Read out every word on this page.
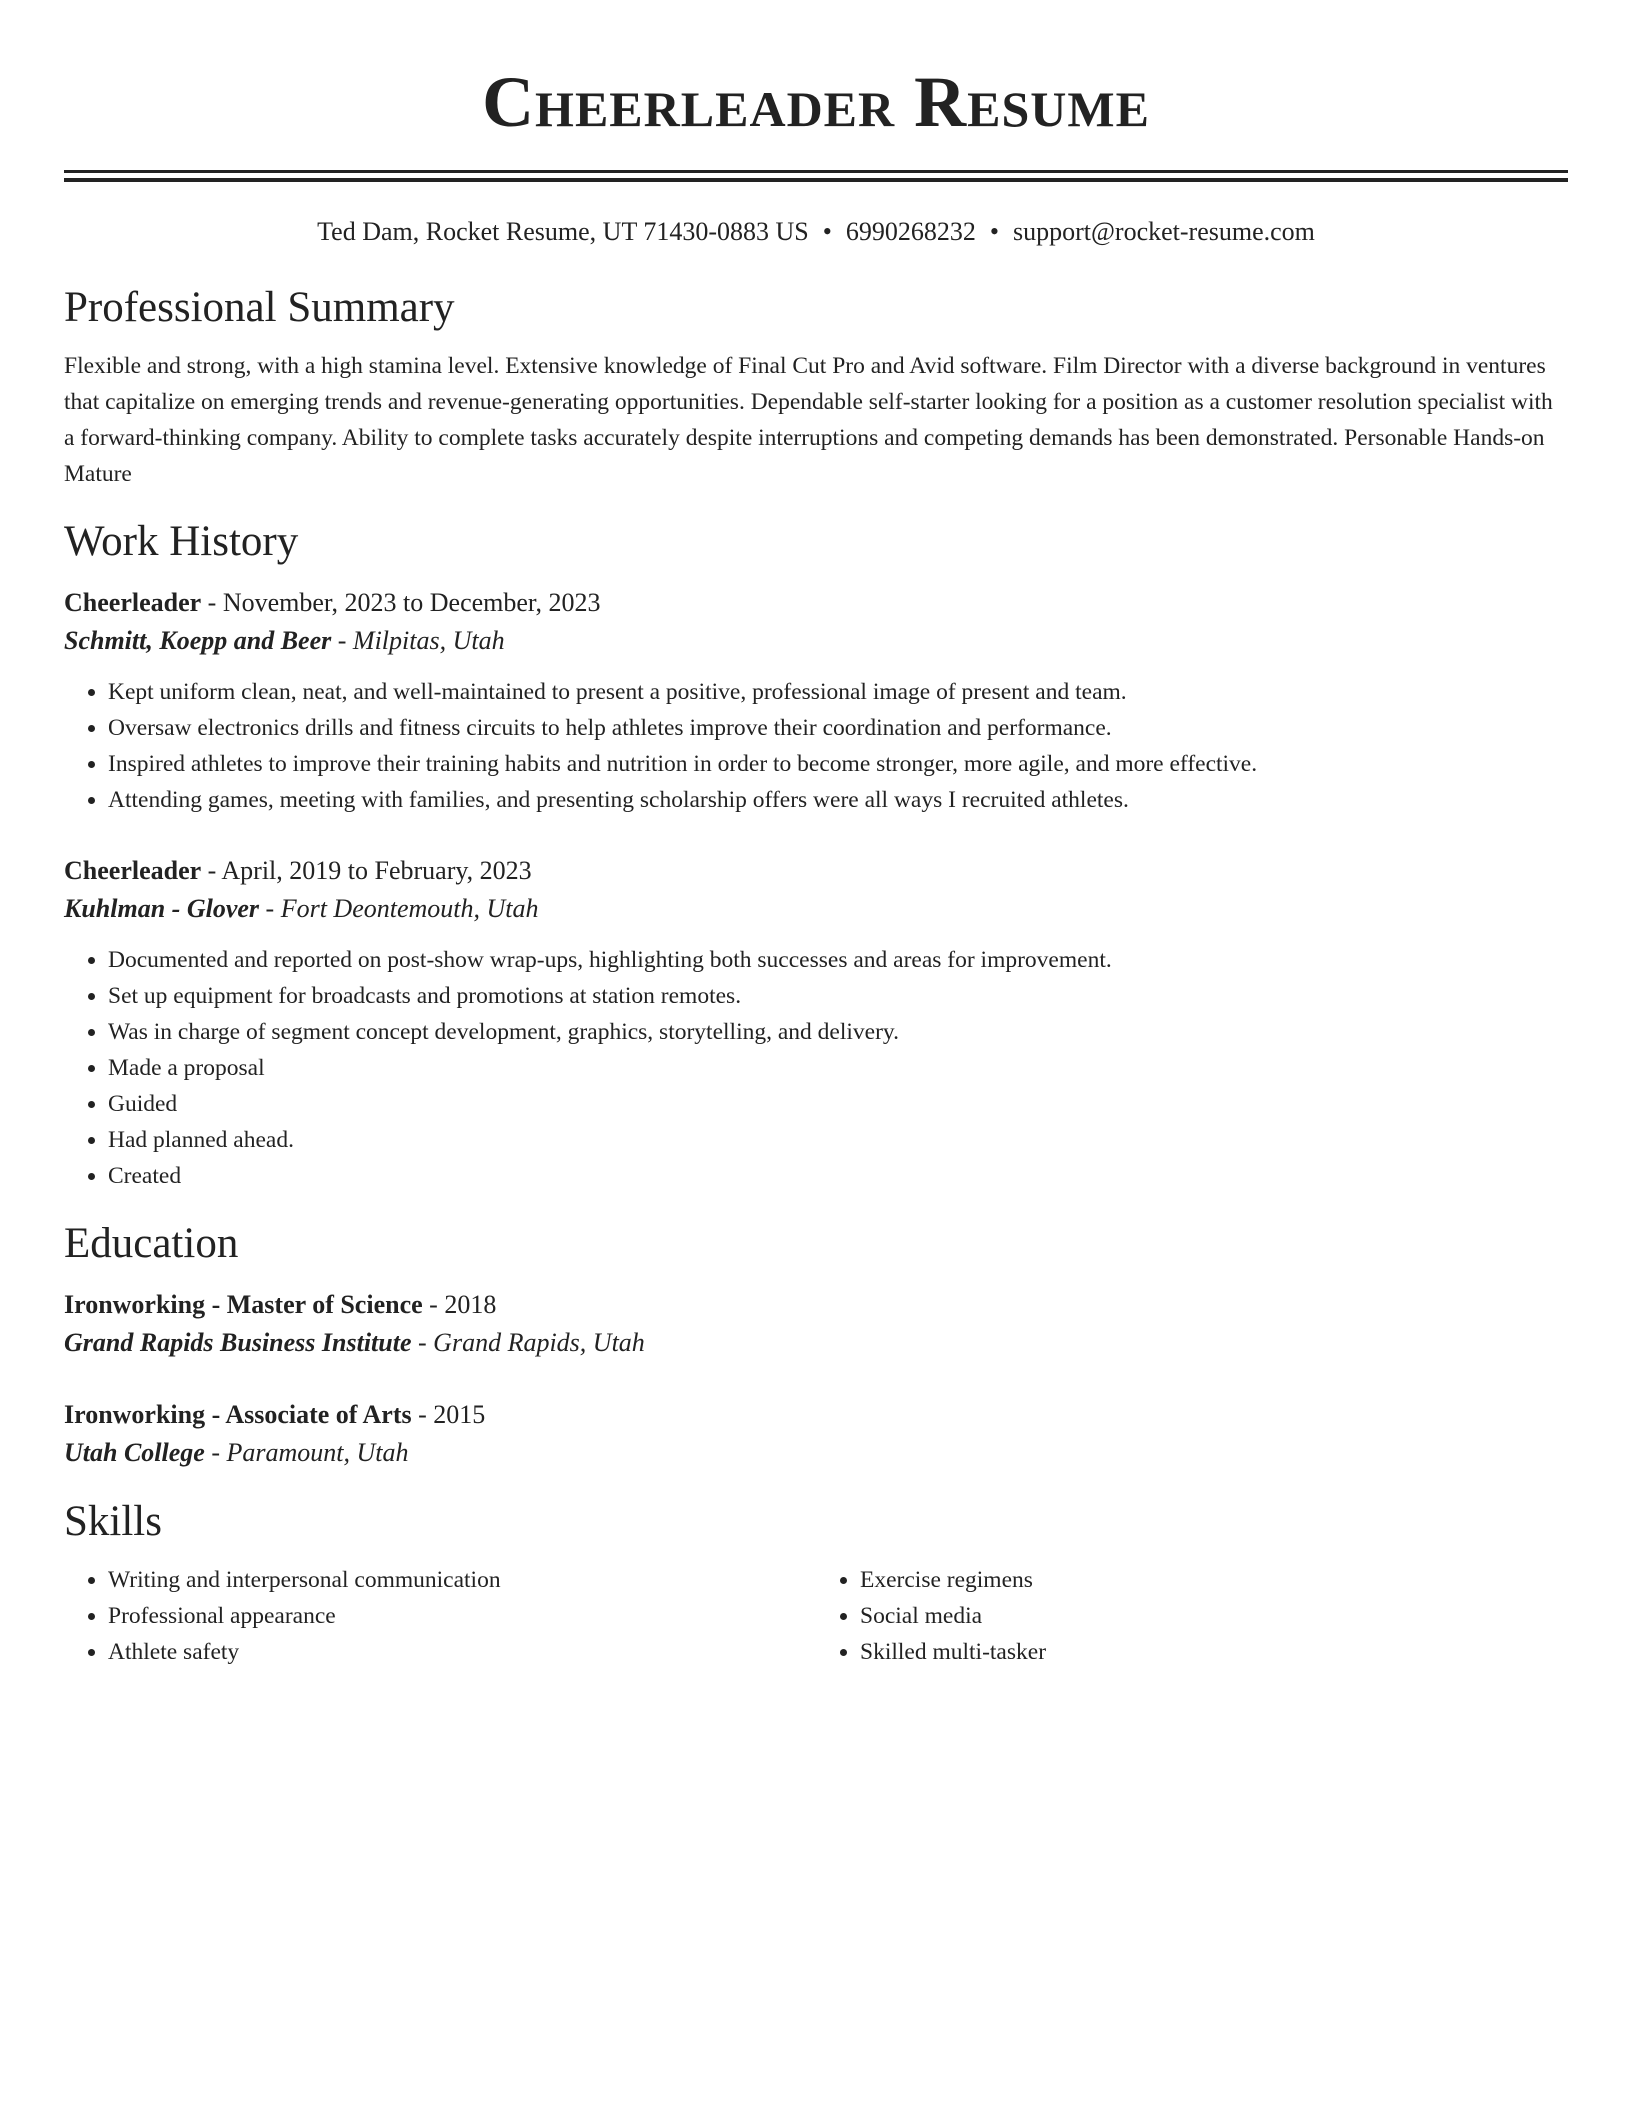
Cheerleader Resume
Ted Dam, Rocket Resume, UT 71430-0883 US • 6990268232 • support@rocket-resume.com
Professional Summary

Flexible and strong, with a high stamina level. Extensive knowledge of Final Cut Pro and Avid software. Film Director with a diverse background in ventures that capitalize on emerging trends and revenue-generating opportunities. Dependable self-starter looking for a position as a customer resolution specialist with a forward-thinking company. Ability to complete tasks accurately despite interruptions and competing demands has been demonstrated. Personable Hands-on Mature

Work History
Cheerleader - November, 2023 to December, 2023
Schmitt, Koepp and Beer - Milpitas, Utah
• Kept uniform clean, neat, and well-maintained to present a positive, professional image of present and team.
• Oversaw electronics drills and fitness circuits to help athletes improve their coordination and performance.
• Inspired athletes to improve their training habits and nutrition in order to become stronger, more agile, and more effective.
• Attending games, meeting with families, and presenting scholarship offers were all ways I recruited athletes.
Cheerleader - April, 2019 to February, 2023
Kuhlman - Glover - Fort Deontemouth, Utah
• Documented and reported on post-show wrap-ups, highlighting both successes and areas for improvement.
• Set up equipment for broadcasts and promotions at station remotes.
• Was in charge of segment concept development, graphics, storytelling, and delivery.
• Made a proposal
• Guided
• Had planned ahead.
• Created
Education
Ironworking - Master of Science - 2018
Grand Rapids Business Institute - Grand Rapids, Utah
Ironworking - Associate of Arts - 2015
Utah College - Paramount, Utah
Skills
• Writing and interpersonal communication
• Professional appearance
• Athlete safety
• Exercise regimens
• Social media
• Skilled multi-tasker
